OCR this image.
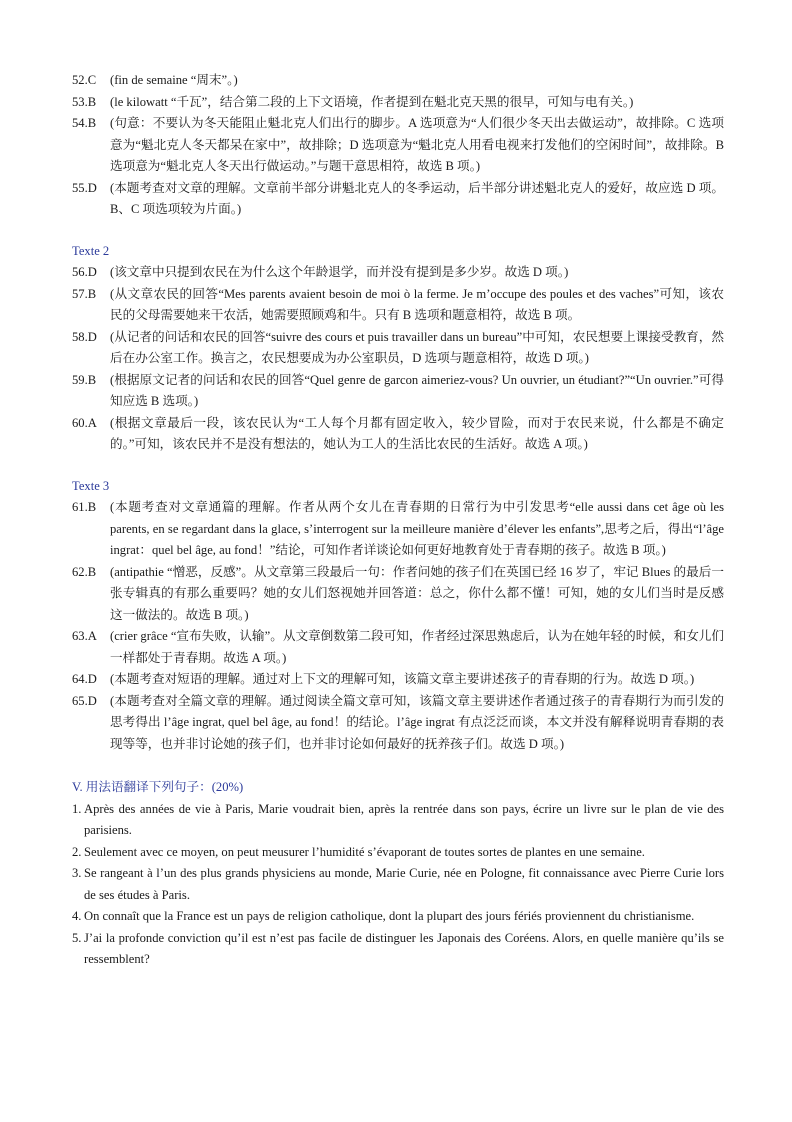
52.C	(fin de semaine “周末”。)
53.B	(le kilowatt “千瓦”，结合第二段的上下文语境，作者提到在魁北克天黑的很早，可知与电有关。)
54.B	(句意：不要认为冬天能阻止魁北克人们出行的脚步。A 选项意为“人们很少冬天出去做运动”，故排除。C 选项意为“魁北克人冬天都呆在家中”，故排除；D 选项意为“魁北克人用看电视来打发他们的空闲时间”，故排除。B 选项意为“魁北克人冬天出行做运动。”与题干意思相符，故选 B 项。)
55.D	(本题考查对文章的理解。文章前半部分讲魁北克人的冬季运动，后半部分讲述魁北克人的爱好，故应选 D 项。B、C 项选项较为片面。)
Texte 2
56.D	(该文章中只提到农民在为什么这个年龄退学，而并没有提到是多少岁。故选 D 项。)
57.B	(从文章农民的回答“Mes parents avaient besoin de moi ò la ferme. Je m’occupe des poules et des vaches”可知，该农民的父母需要她来干农活，她需要照顾鸡和牛。只有 B 选项和题意相符，故选 B 项。
58.D	(从记者的问话和农民的回答“suivre des cours et puis travailler dans un bureau”中可知，农民想要上课接受教育，然后在办公室工作。换言之，农民想要成为办公室职员，D 选项与题意相符，故选 D 项。)
59.B	(根据原文记者的问话和农民的回答“Quel genre de garcon aimeriez-vous? Un ouvrier, un étudiant?”“Un ouvrier.”可得知应选 B 选项。)
60.A	(根据文章最后一段，该农民认为“工人每个月都有固定收入，较少冒险，而对于农民来说，什么都是不确定的。”可知，该农民并不是没有想法的，她认为工人的生活比农民的生活好。故选 A 项。)
Texte 3
61.B	(本题考查对文章通篇的理解。作者从两个女儿在青春期的日常行为中引发思考“elle aussi dans cet âge où les parents, en se regardant dans la glace, s’interrogent sur la meilleure manière d’élever les enfants”,思考之后，得出“l’âge ingrat：quel bel âge, au fond！”结论，可知作者详谈论如何更好地教育处于青春期的孩子。故选 B 项。)
62.B	(antipathie “憎恶，反感”。从文章第三段最后一句：作者问她的孩子们在英国已经 16 岁了，牢记 Blues 的最后一张专辑真的有那么重要吗？她的女儿们怒视她并回答道：总之，你什么都不懂！可知，她的女儿们当时是反感这一做法的。故选 B 项。)
63.A	(crier grâce “宣布失败，认输”。从文章倒数第二段可知，作者经过深思熟虑后，认为在她年轻的时候，和女儿们一样都处于青春期。故选 A 项。)
64.D	(本题考查对短语的理解。通过对上下文的理解可知，该篇文章主要讲述孩子的青春期的行为。故选 D 项。)
65.D	(本题考查对全篇文章的理解。通过阅读全篇文章可知，该篇文章主要讲述作者通过孩子的青春期行为而引发的思考得出 l’âge ingrat, quel bel âge, au fond！的结论。l’âge ingrat 有点泛泛而谈，本文并没有解释说明青春期的表现等等，也并非讨论她的孩子们，也并非讨论如何最好的抚养孩子们。故选 D 项。)
V. 用法语翻译下列句子：(20%)
1. Après des années de vie à Paris, Marie voudrait bien, après la rentrée dans son pays, écrire un livre sur le plan de vie des parisiens.
2. Seulement avec ce moyen, on peut meusurer l’humidité s’évaporant de toutes sortes de plantes en une semaine.
3. Se rangeant à l’un des plus grands physiciens au monde, Marie Curie, née en Pologne, fit connaissance avec Pierre Curie lors de ses études à Paris.
4. On connaît que la France est un pays de religion catholique, dont la plupart des jours fériés proviennent du christianisme.
5. J’ai la profonde conviction qu’il est n’est pas facile de distinguer les Japonais des Coréens. Alors, en quelle manière qu’ils se ressemblent?
